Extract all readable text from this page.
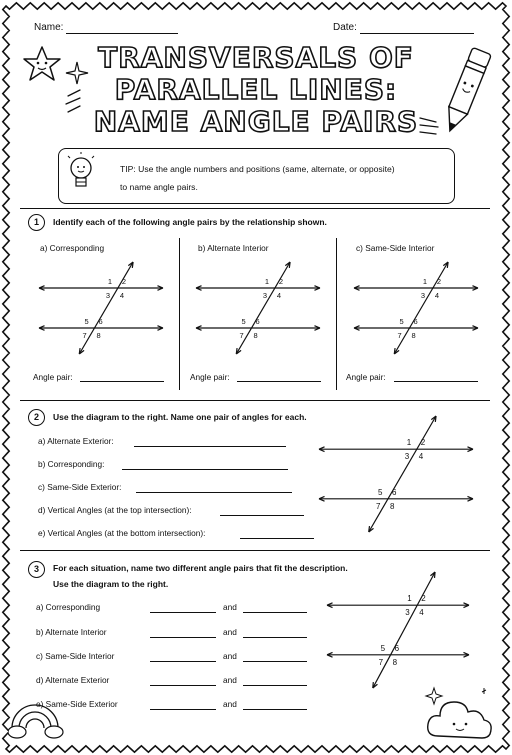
Name:	Date:
TRANSVERSALS OF
PARALLEL LINES:
NAME ANGLE PAIRS
TIP: Use the angle numbers and positions (same, alternate, or opposite)
to name angle pairs.
1	Identify each of the following angle pairs by the relationship shown.
a) Corresponding	b) Alternate Interior	c) Same-Side Interior
1 2
3 4
5 6
7 8
1 2
3 4
5 6
7 8
1 2
3 4
5 6
7 8
Angle pair:	Angle pair:	Angle pair:
2	Use the diagram to the right. Name one pair of angles for each.
a) Alternate Exterior:
b) Corresponding:
c) Same-Side Exterior:
d) Vertical Angles (at the top intersection):
e) Vertical Angles (at the bottom intersection):
1 2
3 4
5 6
7 8
3	For each situation, name two different angle pairs that fit the description.
Use the diagram to the right.
1 2
3 4
5 6
7 8
a) Corresponding	and
b) Alternate Interior	and
c) Same-Side Interior	and
d) Alternate Exterior	and
e) Same-Side Exterior	and
